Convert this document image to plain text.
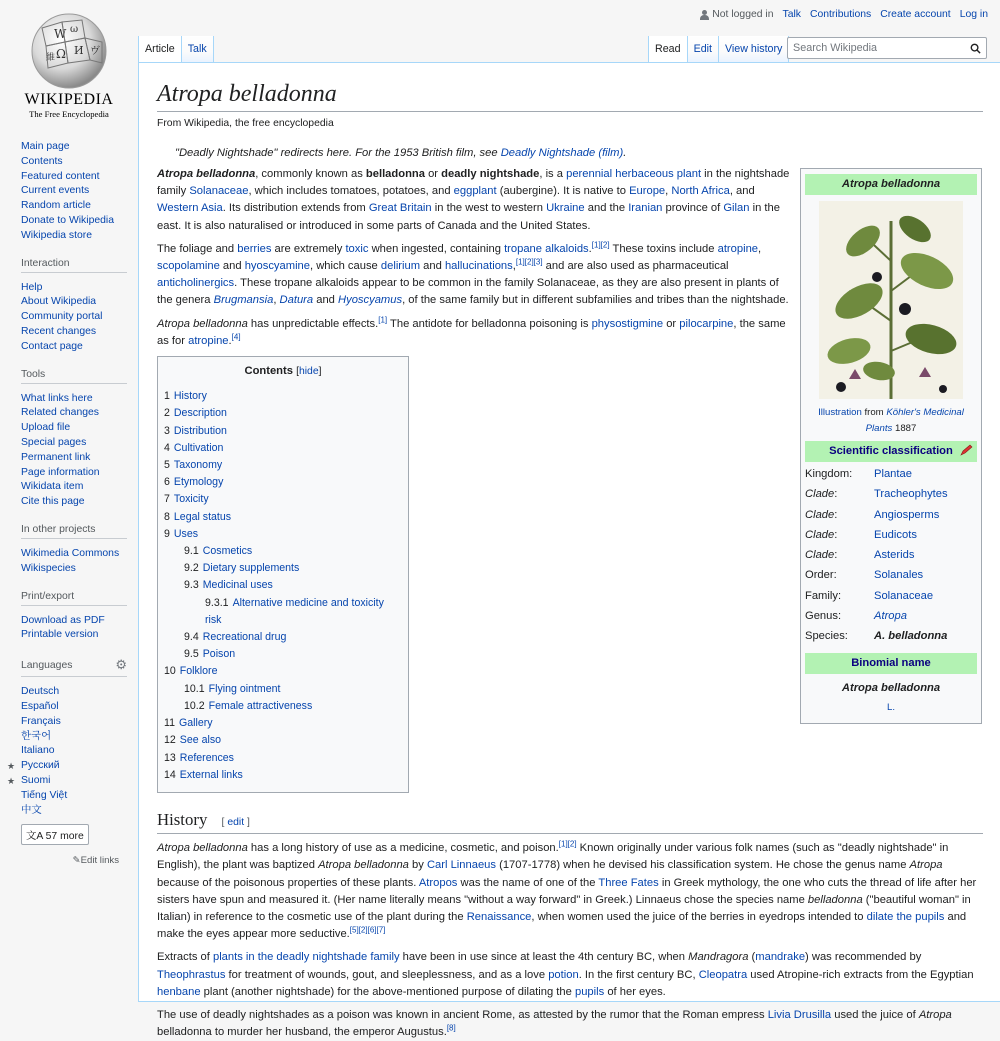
W ω
Ω И ヴ
維
WIKIPEDIA
The Free Encyclopedia
Main page
Contents
Featured content
Current events
Random article
Donate to Wikipedia
Wikipedia store
Interaction
Help
About Wikipedia
Community portal
Recent changes
Contact page
Tools
What links here
Related changes
Upload file
Special pages
Permanent link
Page information
Wikidata item
Cite this page
In other projects
Wikimedia Commons
Wikispecies
Print/export
Download as PDF
Printable version
Languages	⚙
Deutsch
Español
Français
한국어
Italiano
★ Русский
★ Suomi
Tiếng Việt
中文
文A 57 more
✎Edit links
Not logged in Talk Contributions Create account Log in
Article	Talk	Read	Edit	View history
Search Wikipedia
Atropa belladonna
From Wikipedia, the free encyclopedia
"Deadly Nightshade" redirects here. For the 1953 British film, see Deadly Nightshade (film).
Atropa belladonna
Illustration from Köhler's Medicinal Plants 1887
Scientific classification
Kingdom:	Plantae
Clade:	Tracheophytes
Clade:	Angiosperms
Clade:	Eudicots
Clade:	Asterids
Order:	Solanales
Family:	Solanaceae
Genus:	Atropa
Species:	A. belladonna
Binomial name
Atropa belladonna
L.

Atropa belladonna, commonly known as belladonna or deadly nightshade, is a perennial herbaceous plant in the nightshade family Solanaceae, which includes tomatoes, potatoes, and eggplant (aubergine). It is native to Europe, North Africa, and Western Asia. Its distribution extends from Great Britain in the west to western Ukraine and the Iranian province of Gilan in the east. It is also naturalised or introduced in some parts of Canada and the United States.

The foliage and berries are extremely toxic when ingested, containing tropane alkaloids.[1][2] These toxins include atropine, scopolamine and hyoscyamine, which cause delirium and hallucinations,[1][2][3] and are also used as pharmaceutical anticholinergics. These tropane alkaloids appear to be common in the family Solanaceae, as they are also present in plants of the genera Brugmansia, Datura and Hyoscyamus, of the same family but in different subfamilies and tribes than the nightshade.

Atropa belladonna has unpredictable effects.[1] The antidote for belladonna poisoning is physostigmine or pilocarpine, the same as for atropine.[4]

Contents [hide]
1 History
2 Description
3 Distribution
4 Cultivation
5 Taxonomy
6 Etymology
7 Toxicity
8 Legal status
9 Uses
9.1 Cosmetics
9.2 Dietary supplements
9.3 Medicinal uses
9.3.1 Alternative medicine and toxicity risk
9.4 Recreational drug
9.5 Poison
10 Folklore
10.1 Flying ointment
10.2 Female attractiveness
11 Gallery
12 See also
13 References
14 External links
History [ edit ]

Atropa belladonna has a long history of use as a medicine, cosmetic, and poison.[1][2] Known originally under various folk names (such as "deadly nightshade" in English), the plant was baptized Atropa belladonna by Carl Linnaeus (1707-1778) when he devised his classification system. He chose the genus name Atropa because of the poisonous properties of these plants. Atropos was the name of one of the Three Fates in Greek mythology, the one who cuts the thread of life after her sisters have spun and measured it. (Her name literally means "without a way forward" in Greek.) Linnaeus chose the species name belladonna ("beautiful woman" in Italian) in reference to the cosmetic use of the plant during the Renaissance, when women used the juice of the berries in eyedrops intended to dilate the pupils and make the eyes appear more seductive.[5][2][6][7]

Extracts of plants in the deadly nightshade family have been in use since at least the 4th century BC, when Mandragora (mandrake) was recommended by Theophrastus for treatment of wounds, gout, and sleeplessness, and as a love potion. In the first century BC, Cleopatra used Atropine-rich extracts from the Egyptian henbane plant (another nightshade) for the above-mentioned purpose of dilating the pupils of her eyes.

The use of deadly nightshades as a poison was known in ancient Rome, as attested by the rumor that the Roman empress Livia Drusilla used the juice of Atropa belladonna to murder her husband, the emperor Augustus.[8]
